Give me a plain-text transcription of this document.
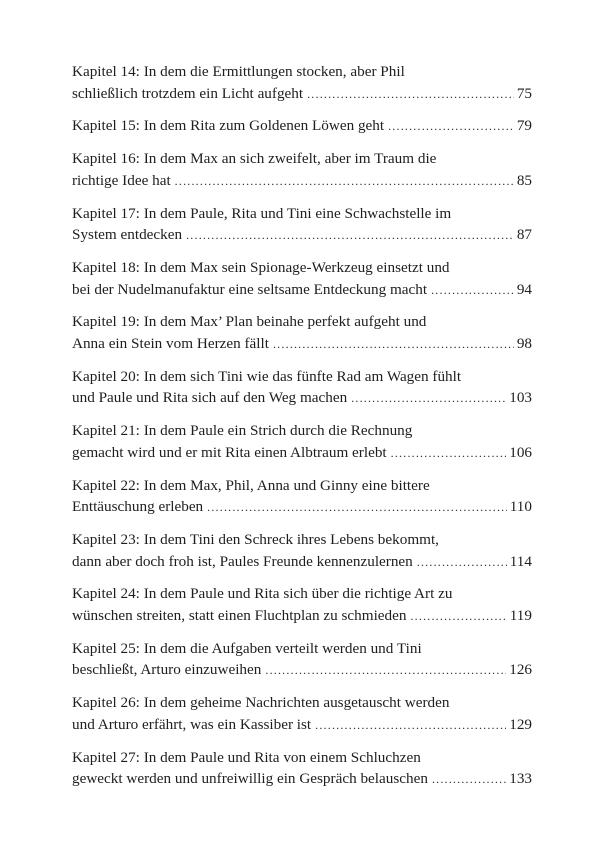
Kapitel 14: In dem die Ermittlungen stocken, aber Phil
schließlich trotzdem ein Licht aufgeht .....	75
Kapitel 15: In dem Rita zum Goldenen Löwen geht .....	79
Kapitel 16: In dem Max an sich zweifelt, aber im Traum die
richtige Idee hat .....	85
Kapitel 17: In dem Paule, Rita und Tini eine Schwachstelle im
System entdecken .....	87
Kapitel 18: In dem Max sein Spionage-Werkzeug einsetzt und
bei der Nudelmanufaktur eine seltsame Entdeckung macht .....	94
Kapitel 19: In dem Max’ Plan beinahe perfekt aufgeht und
Anna ein Stein vom Herzen fällt .....	98
Kapitel 20: In dem sich Tini wie das fünfte Rad am Wagen fühlt
und Paule und Rita sich auf den Weg machen .....	103
Kapitel 21: In dem Paule ein Strich durch die Rechnung
gemacht wird und er mit Rita einen Albtraum erlebt .....	106
Kapitel 22: In dem Max, Phil, Anna und Ginny eine bittere
Enttäuschung erleben .....	110
Kapitel 23: In dem Tini den Schreck ihres Lebens bekommt,
dann aber doch froh ist, Paules Freunde kennenzulernen .....	114
Kapitel 24: In dem Paule und Rita sich über die richtige Art zu
wünschen streiten, statt einen Fluchtplan zu schmieden .....	119
Kapitel 25: In dem die Aufgaben verteilt werden und Tini
beschließt, Arturo einzuweihen .....	126
Kapitel 26: In dem geheime Nachrichten ausgetauscht werden
und Arturo erfährt, was ein Kassiber ist .....	129
Kapitel 27: In dem Paule und Rita von einem Schluchzen
geweckt werden und unfreiwillig ein Gespräch belauschen .....	133
